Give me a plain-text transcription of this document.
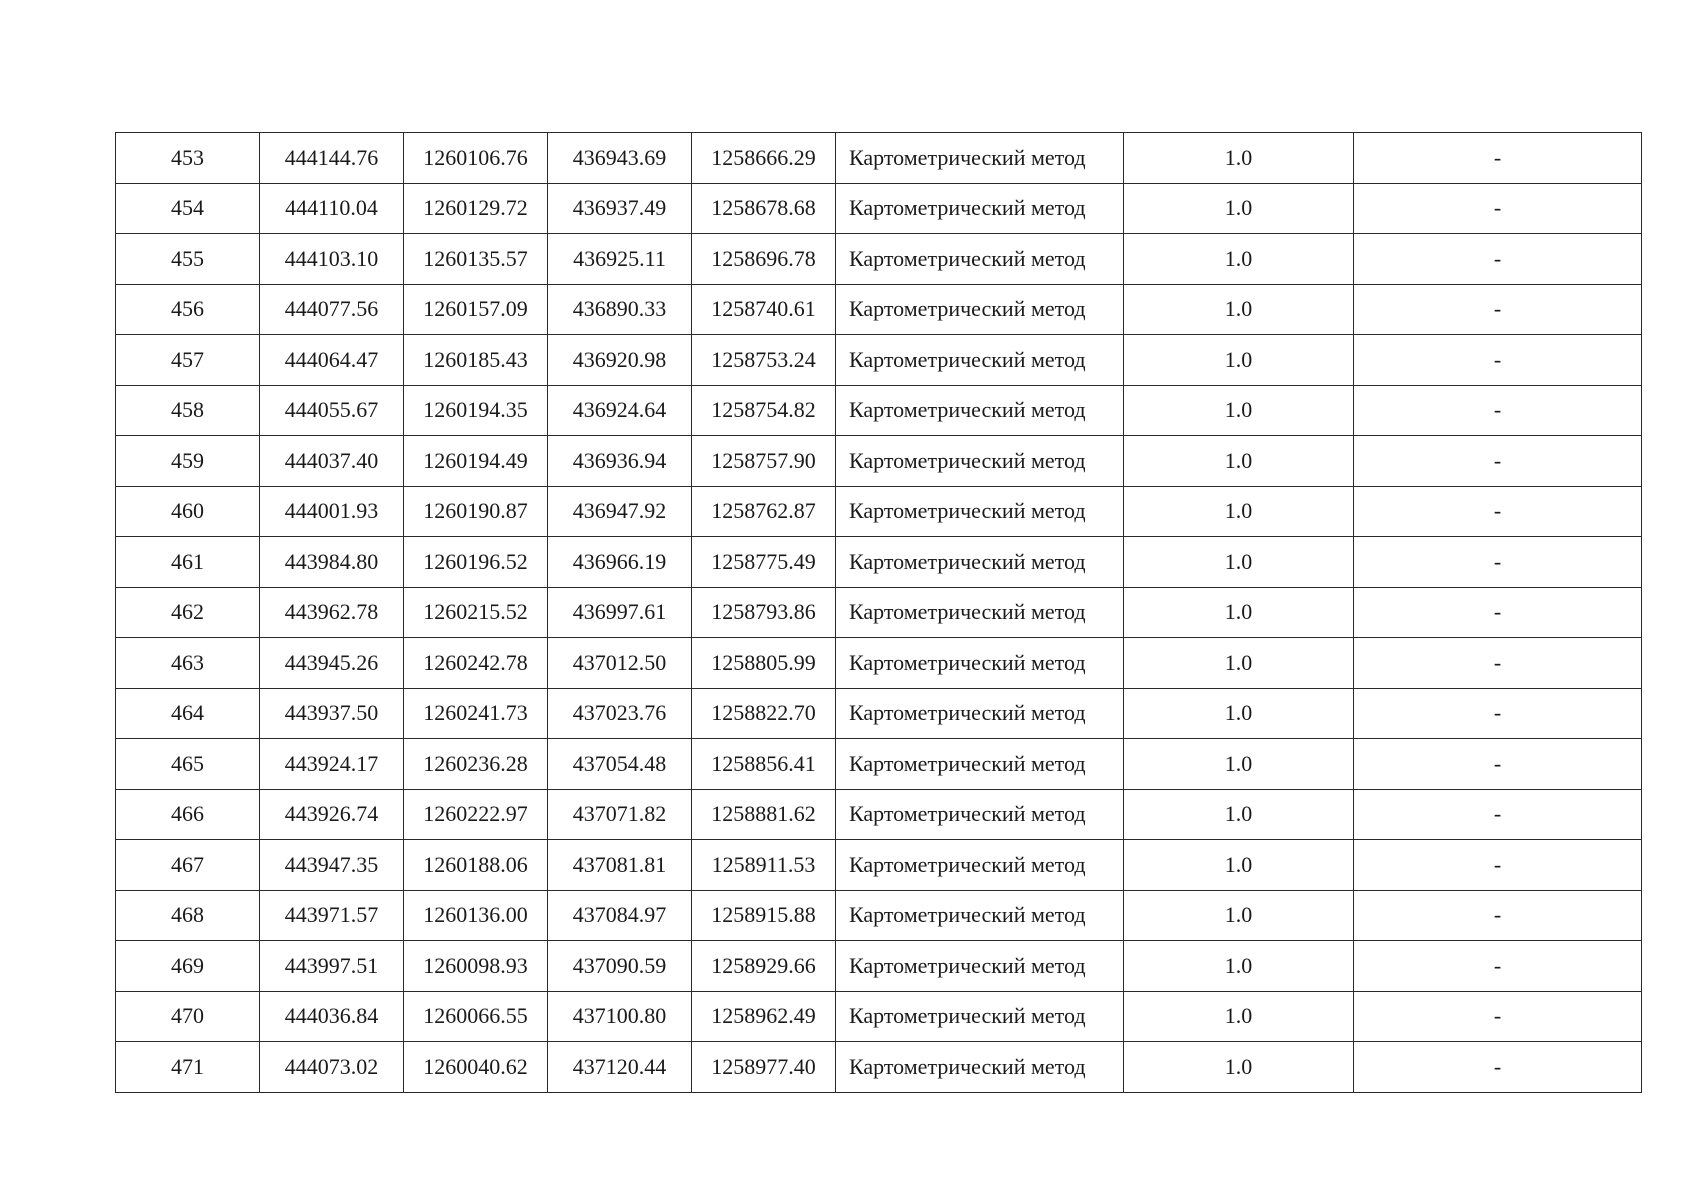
453	444144.76	1260106.76	436943.69	1258666.29	Картометрический метод	1.0	-
454	444110.04	1260129.72	436937.49	1258678.68	Картометрический метод	1.0	-
455	444103.10	1260135.57	436925.11	1258696.78	Картометрический метод	1.0	-
456	444077.56	1260157.09	436890.33	1258740.61	Картометрический метод	1.0	-
457	444064.47	1260185.43	436920.98	1258753.24	Картометрический метод	1.0	-
458	444055.67	1260194.35	436924.64	1258754.82	Картометрический метод	1.0	-
459	444037.40	1260194.49	436936.94	1258757.90	Картометрический метод	1.0	-
460	444001.93	1260190.87	436947.92	1258762.87	Картометрический метод	1.0	-
461	443984.80	1260196.52	436966.19	1258775.49	Картометрический метод	1.0	-
462	443962.78	1260215.52	436997.61	1258793.86	Картометрический метод	1.0	-
463	443945.26	1260242.78	437012.50	1258805.99	Картометрический метод	1.0	-
464	443937.50	1260241.73	437023.76	1258822.70	Картометрический метод	1.0	-
465	443924.17	1260236.28	437054.48	1258856.41	Картометрический метод	1.0	-
466	443926.74	1260222.97	437071.82	1258881.62	Картометрический метод	1.0	-
467	443947.35	1260188.06	437081.81	1258911.53	Картометрический метод	1.0	-
468	443971.57	1260136.00	437084.97	1258915.88	Картометрический метод	1.0	-
469	443997.51	1260098.93	437090.59	1258929.66	Картометрический метод	1.0	-
470	444036.84	1260066.55	437100.80	1258962.49	Картометрический метод	1.0	-
471	444073.02	1260040.62	437120.44	1258977.40	Картометрический метод	1.0	-
